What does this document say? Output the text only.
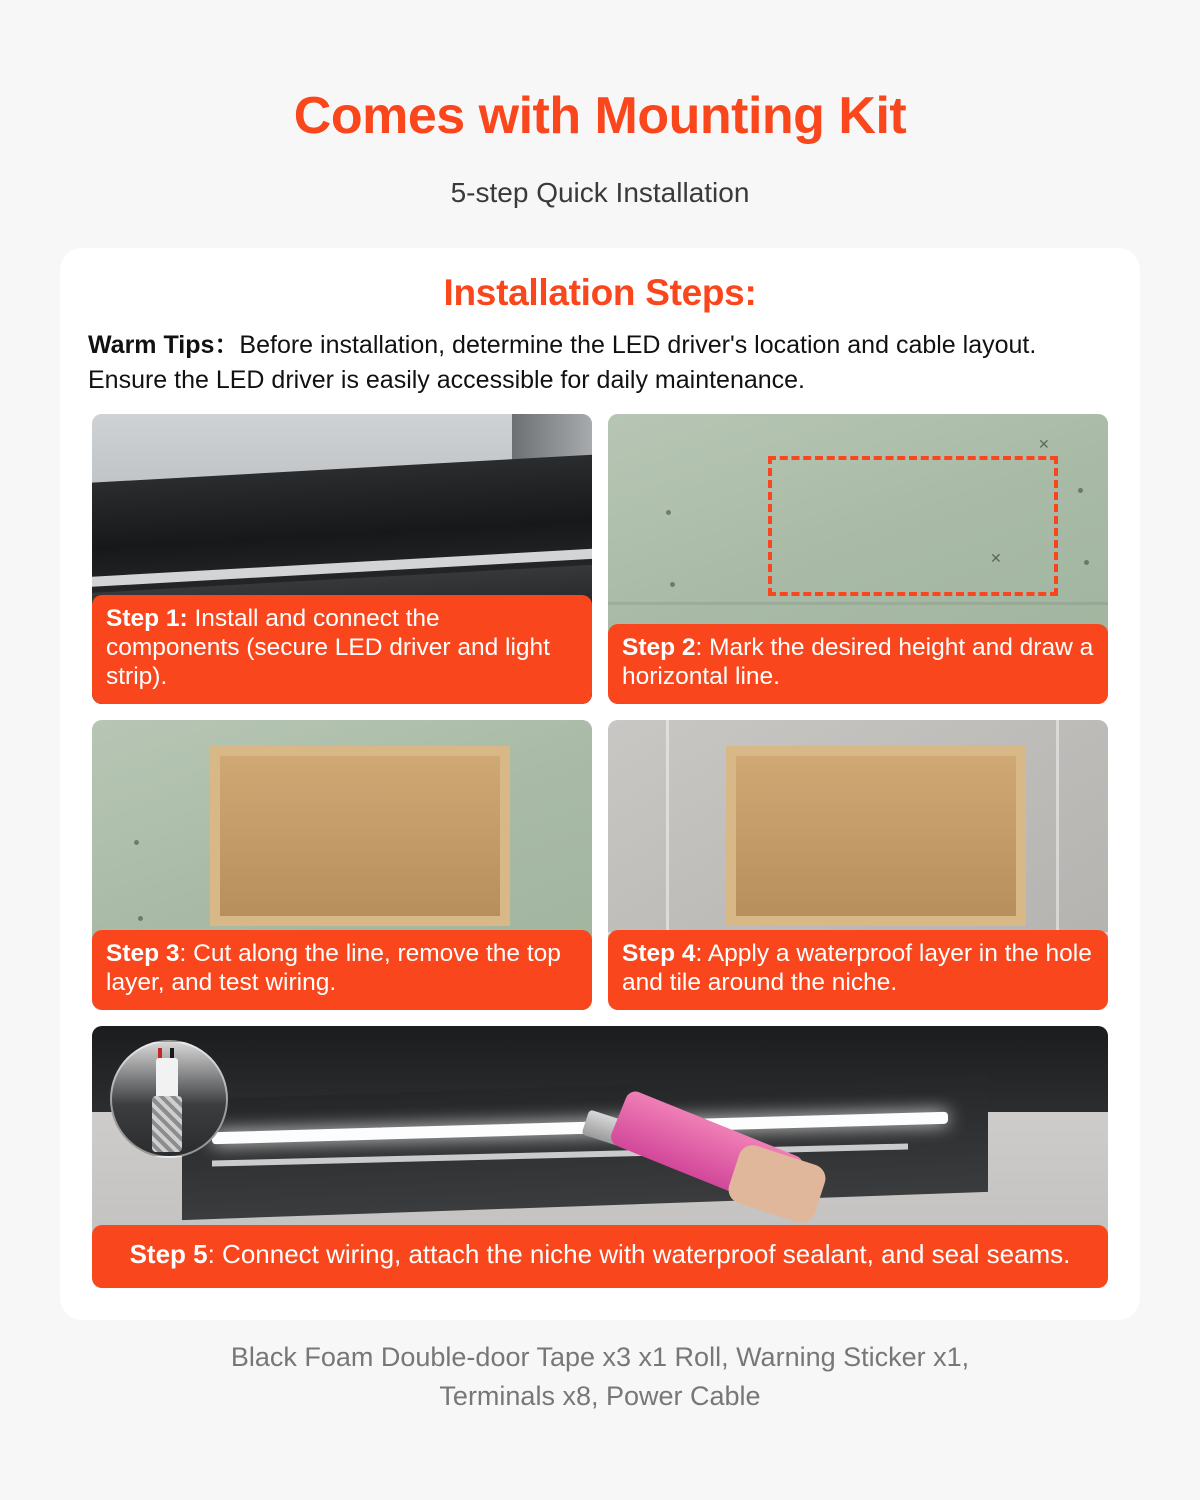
Comes with Mounting Kit
5-step Quick Installation
Installation Steps:

Warm Tips：Before installation, determine the LED driver's location and cable layout. Ensure the LED driver is easily accessible for daily maintenance.

Step 1: Install and connect the components (secure LED driver and light strip).
✕
✕
Step 2: Mark the desired height and draw a horizontal line.
Step 3: Cut along the line, remove the top layer, and test wiring.
Step 4: Apply a waterproof layer in the hole and tile around the niche.
Step 5: Connect wiring, attach the niche with waterproof sealant, and seal seams.
Black Foam Double-door Tape x3 x1 Roll, Warning Sticker x1,
Terminals x8, Power Cable
